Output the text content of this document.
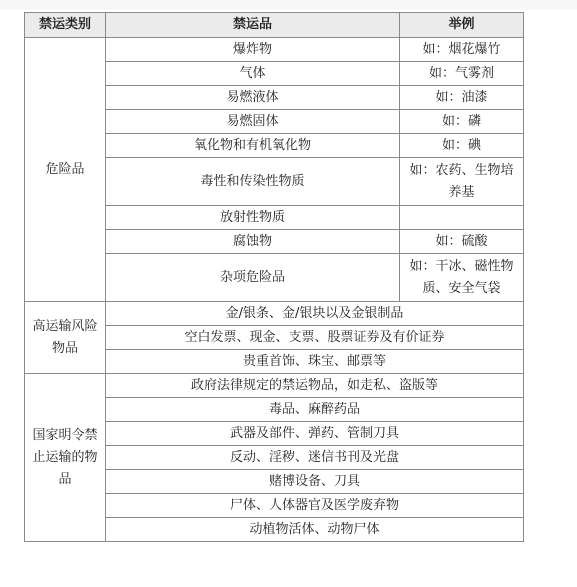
禁运类别	禁运品	举例
危险品	爆炸物	如：烟花爆竹
	气体	如：气雾剂
	易燃液体	如：油漆
	易燃固体	如：磷
	氧化物和有机氧化物	如：碘
	毒性和传染性物质	如：农药、生物培养基
	放射性物质	
	腐蚀物	如：硫酸
	杂项危险品	如：干冰、磁性物质、安全气袋
高运输风险物品	金/银条、金/银块以及金银制品	
	空白发票、现金、支票、股票证券及有价证券	
	贵重首饰、珠宝、邮票等	
国家明令禁止运输的物品	政府法律规定的禁运物品，如走私、盗版等	
	毒品、麻醉药品	
	武器及部件、弹药、管制刀具	
	反动、淫秽、迷信书刊及光盘	
	赌博设备、刀具	
	尸体、人体器官及医学废弃物	
	动植物活体、动物尸体	
